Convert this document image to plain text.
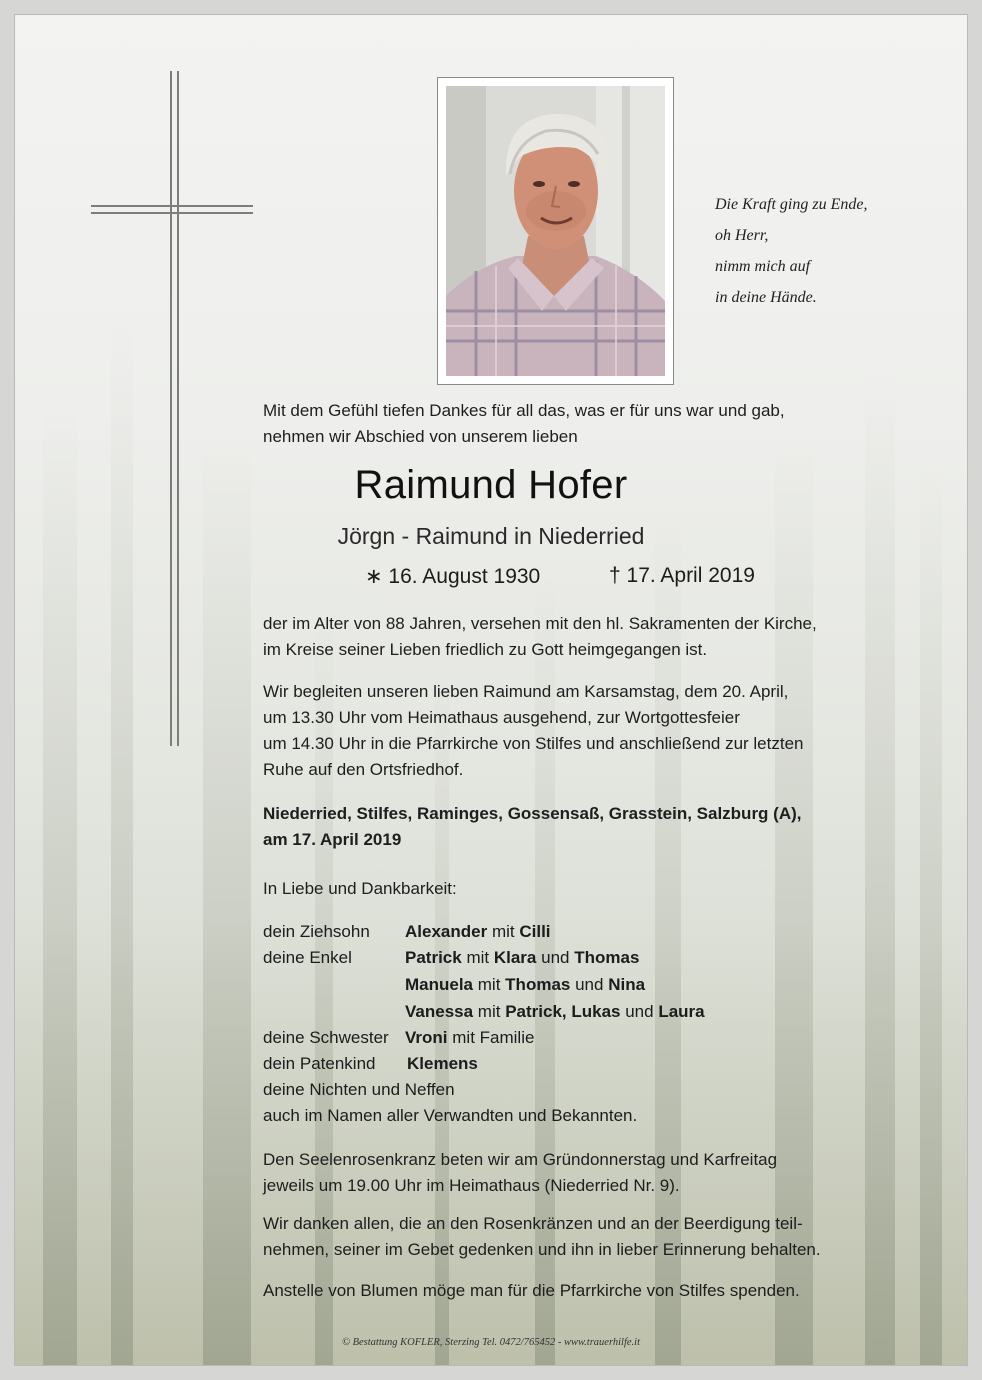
Die Kraft ging zu Ende,
oh Herr,
nimm mich auf
in deine Hände.
Mit dem Gefühl tiefen Dankes für all das, was er für uns war und gab,
nehmen wir Abschied von unserem lieben
Raimund Hofer
Jörgn - Raimund in Niederried
∗ 16. August 1930	† 17. April 2019
der im Alter von 88 Jahren, versehen mit den hl. Sakramenten der Kirche,
im Kreise seiner Lieben friedlich zu Gott heimgegangen ist.
Wir begleiten unseren lieben Raimund am Karsamstag, dem 20. April,
um 13.30 Uhr vom Heimathaus ausgehend, zur Wortgottesfeier
um 14.30 Uhr in die Pfarrkirche von Stilfes und anschließend zur letzten
Ruhe auf den Ortsfriedhof.
Niederried, Stilfes, Raminges, Gossensaß, Grasstein, Salzburg (A),
am 17. April 2019
In Liebe und Dankbarkeit:
dein Ziehsohn Alexander mit Cilli
deine Enkel	Patrick mit Klara und Thomas
Manuela mit Thomas und Nina
Vanessa mit Patrick, Lukas und Laura
deine Schwester Vroni mit Familie
dein Patenkind Klemens
deine Nichten und Neffen
auch im Namen aller Verwandten und Bekannten.
Den Seelenrosenkranz beten wir am Gründonnerstag und Karfreitag
jeweils um 19.00 Uhr im Heimathaus (Niederried Nr. 9).
Wir danken allen, die an den Rosenkränzen und an der Beerdigung teil-
nehmen, seiner im Gebet gedenken und ihn in lieber Erinnerung behalten.
Anstelle von Blumen möge man für die Pfarrkirche von Stilfes spenden.
© Bestattung KOFLER, Sterzing Tel. 0472/765452 - www.trauerhilfe.it
